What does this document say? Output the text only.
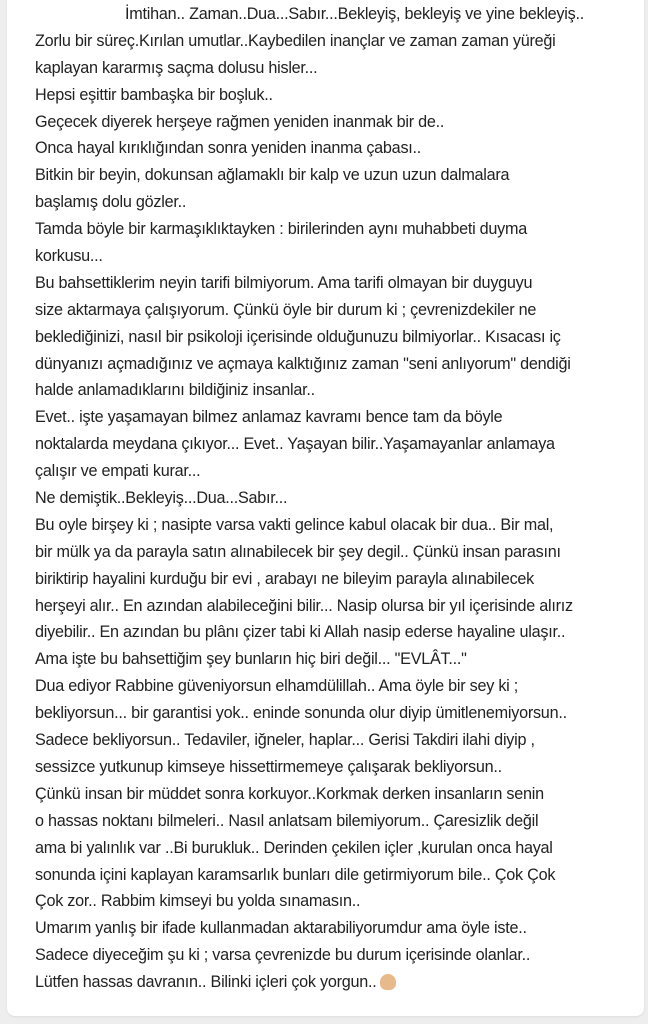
İmtihan.. Zaman..Dua...Sabır...Bekleyiş, bekleyiş ve yine bekleyiş..
Zorlu bir süreç.Kırılan umutlar..Kaybedilen inançlar ve zaman zaman yüreği
kaplayan kararmış saçma dolusu hisler...
Hepsi eşittir bambaşka bir boşluk..
Geçecek diyerek herşeye rağmen yeniden inanmak bir de..
Onca hayal kırıklığından sonra yeniden inanma çabası..
Bitkin bir beyin, dokunsan ağlamaklı bir kalp ve uzun uzun dalmalara
başlamış dolu gözler..
Tamda böyle bir karmaşıklıktayken : birilerinden aynı muhabbeti duyma
korkusu...
Bu bahsettiklerim neyin tarifi bilmiyorum. Ama tarifi olmayan bir duyguyu
size aktarmaya çalışıyorum. Çünkü öyle bir durum ki ; çevrenizdekiler ne
beklediğinizi, nasıl bir psikoloji içerisinde olduğunuzu bilmiyorlar.. Kısacası iç
dünyanızı açmadığınız ve açmaya kalktığınız zaman "seni anlıyorum" dendiği
halde anlamadıklarını bildiğiniz insanlar..
Evet.. işte yaşamayan bilmez anlamaz kavramı bence tam da böyle
noktalarda meydana çıkıyor... Evet.. Yaşayan bilir..Yaşamayanlar anlamaya
çalışır ve empati kurar...
Ne demiştik..Bekleyiş...Dua...Sabır...
Bu oyle birşey ki ; nasipte varsa vakti gelince kabul olacak bir dua.. Bir mal,
bir mülk ya da parayla satın alınabilecek bir şey degil.. Çünkü insan parasını
biriktirip hayalini kurduğu bir evi , arabayı ne bileyim parayla alınabilecek
herşeyi alır.. En azından alabileceğini bilir... Nasip olursa bir yıl içerisinde alırız
diyebilir.. En azından bu plânı çizer tabi ki Allah nasip ederse hayaline ulaşır..
Ama işte bu bahsettiğim şey bunların hiç biri değil... "EVLÂT..."
Dua ediyor Rabbine güveniyorsun elhamdülillah.. Ama öyle bir sey ki ;
bekliyorsun... bir garantisi yok.. eninde sonunda olur diyip ümitlenemiyorsun..
Sadece bekliyorsun.. Tedaviler, iğneler, haplar... Gerisi Takdiri ilahi diyip ,
sessizce yutkunup kimseye hissettirmemeye çalışarak bekliyorsun..
Çünkü insan bir müddet sonra korkuyor..Korkmak derken insanların senin
o hassas noktanı bilmeleri.. Nasıl anlatsam bilemiyorum.. Çaresizlik değil
ama bi yalınlık var ..Bi burukluk.. Derinden çekilen içler ,kurulan onca hayal
sonunda içini kaplayan karamsarlık bunları dile getirmiyorum bile.. Çok Çok
Çok zor.. Rabbim kimseyi bu yolda sınamasın..
Umarım yanlış bir ifade kullanmadan aktarabiliyorumdur ama öyle iste..
Sadece diyeceğim şu ki ; varsa çevrenizde bu durum içerisinde olanlar..
Lütfen hassas davranın.. Bilinki içleri çok yorgun..
